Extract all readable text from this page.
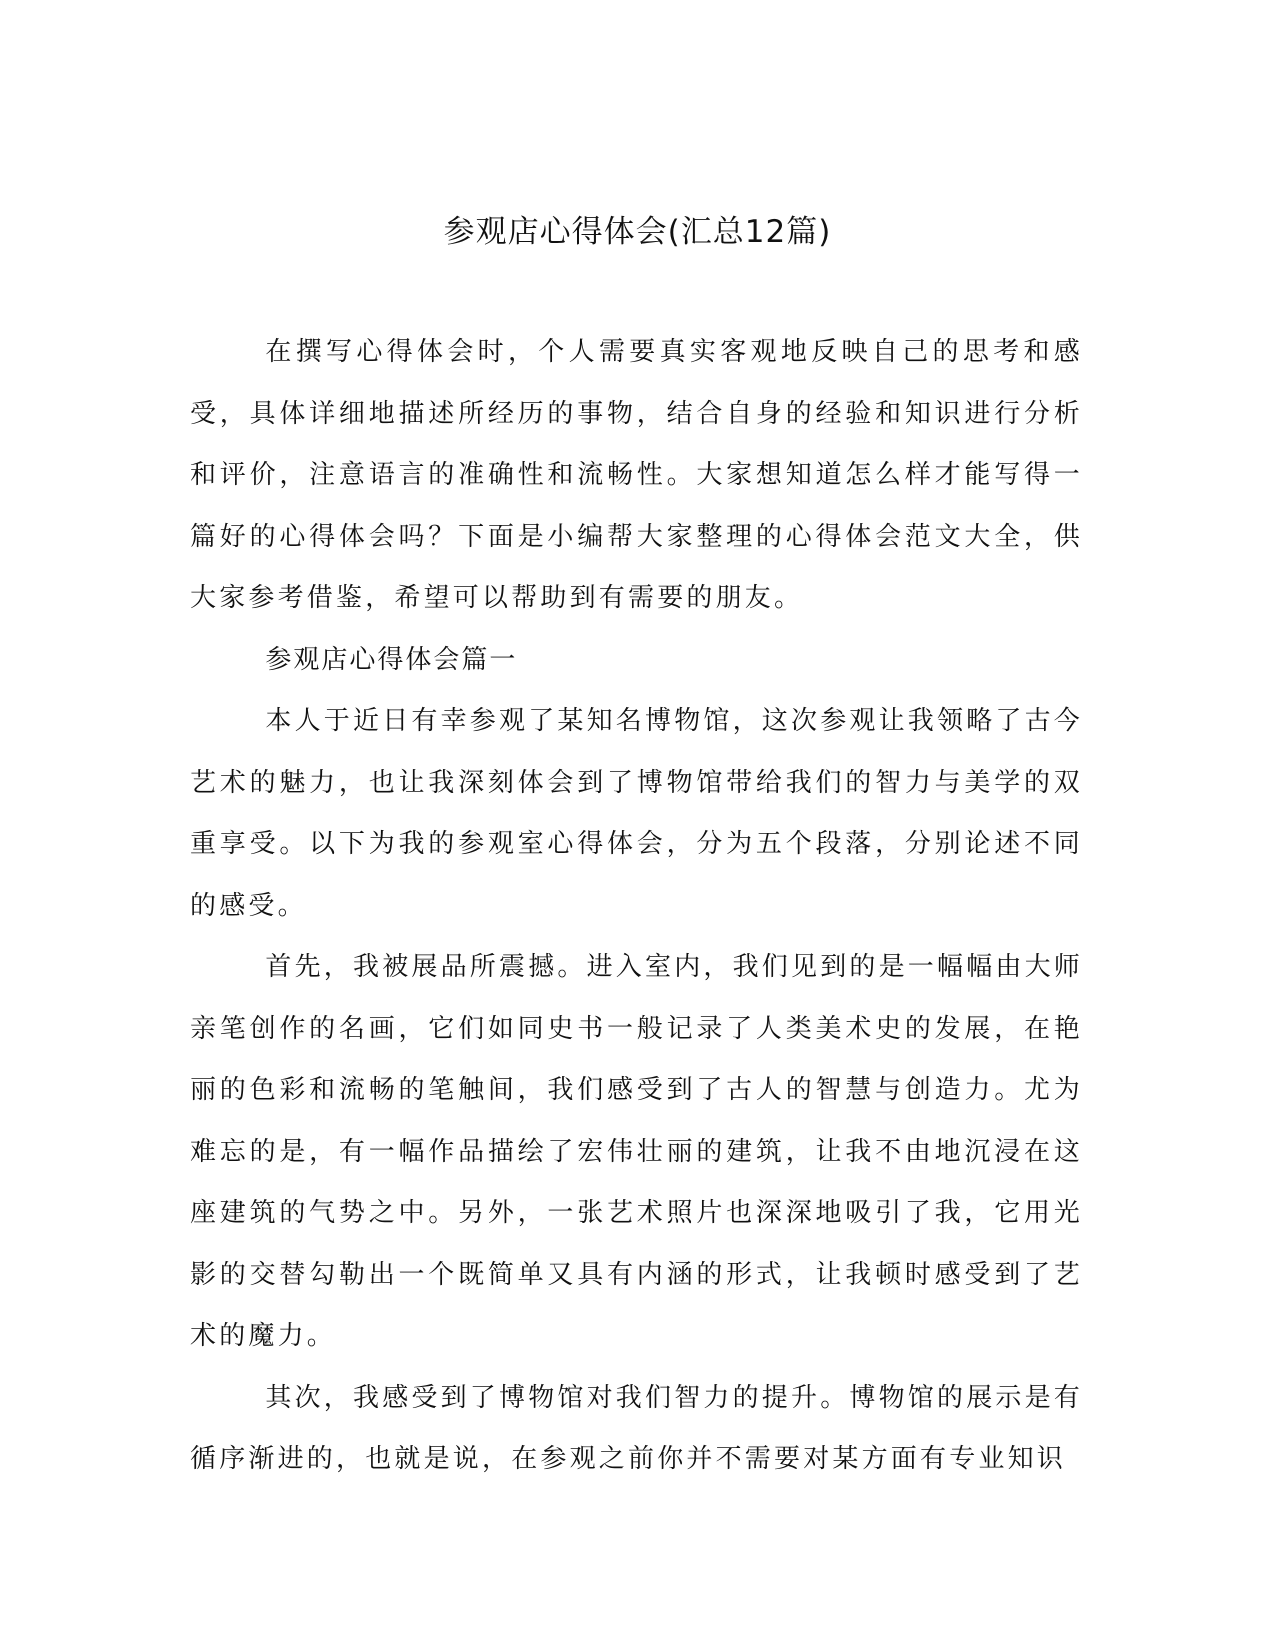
参观店心得体会(汇总12篇)

在撰写心得体会时，个人需要真实客观地反映自己的思考和感受，具体详细地描述所经历的事物，结合自身的经验和知识进行分析和评价，注意语言的准确性和流畅性。大家想知道怎么样才能写得一篇好的心得体会吗？下面是小编帮大家整理的心得体会范文大全，供大家参考借鉴，希望可以帮助到有需要的朋友。

参观店心得体会篇一

本人于近日有幸参观了某知名博物馆，这次参观让我领略了古今艺术的魅力，也让我深刻体会到了博物馆带给我们的智力与美学的双重享受。以下为我的参观室心得体会，分为五个段落，分别论述不同的感受。

首先，我被展品所震撼。进入室内，我们见到的是一幅幅由大师亲笔创作的名画，它们如同史书一般记录了人类美术史的发展，在艳丽的色彩和流畅的笔触间，我们感受到了古人的智慧与创造力。尤为难忘的是，有一幅作品描绘了宏伟壮丽的建筑，让我不由地沉浸在这座建筑的气势之中。另外，一张艺术照片也深深地吸引了我，它用光影的交替勾勒出一个既简单又具有内涵的形式，让我顿时感受到了艺术的魔力。

其次，我感受到了博物馆对我们智力的提升。博物馆的展示是有循序渐进的，也就是说，在参观之前你并不需要对某方面有专业知识
